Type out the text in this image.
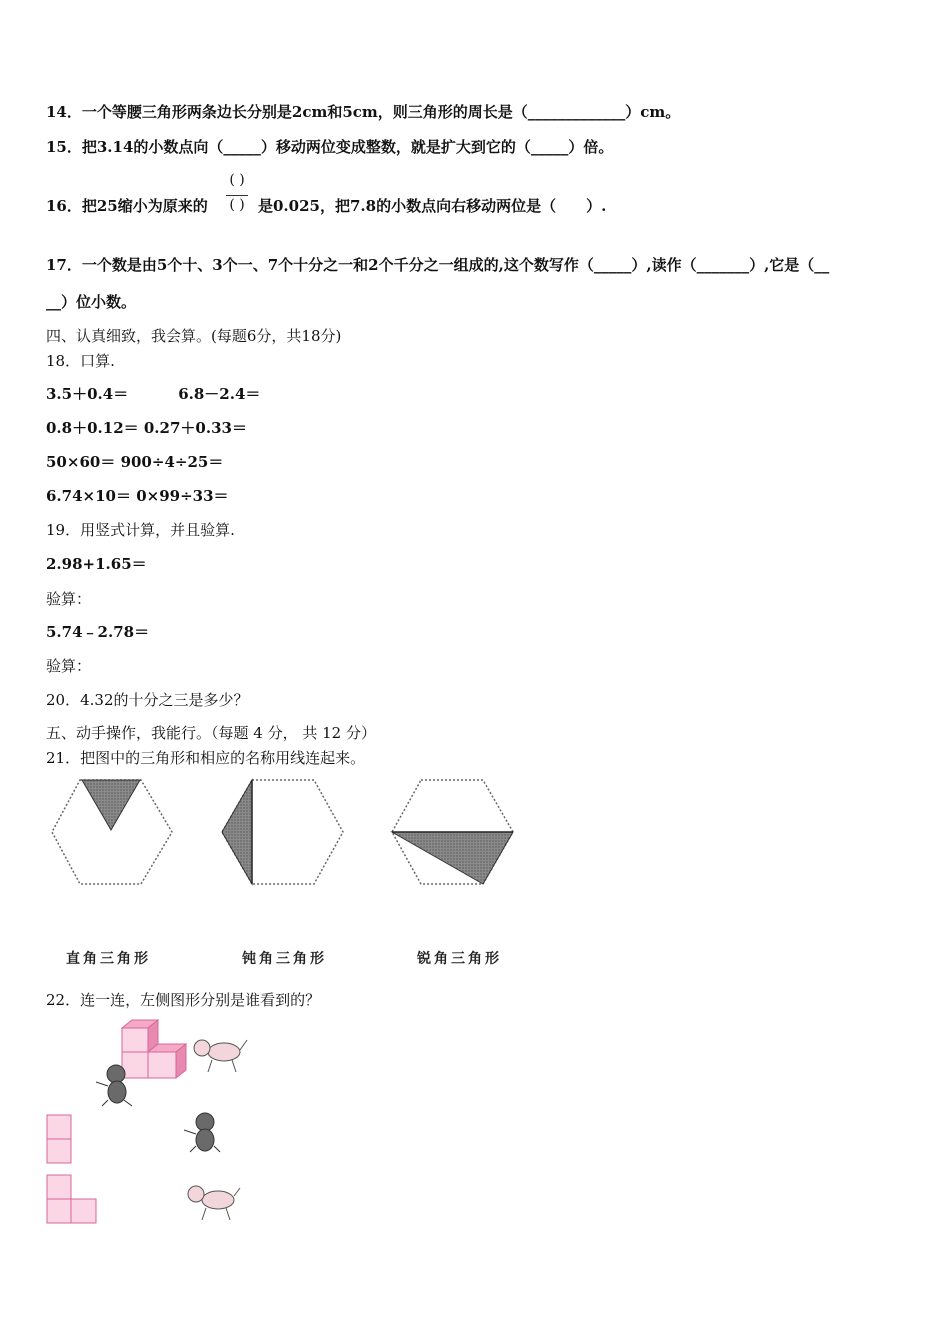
14．一个等腰三角形两条边长分别是2cm和5cm，则三角形的周长是（_____________）cm。
15．把3.14的小数点向（_____）移动两位变成整数，就是扩大到它的（_____）倍。
16．把25缩小为原来的
( )
( ) 是0.025，把7.8的小数点向右移动两位是（　　）.
17．一个数是由5个十、3个一、7个十分之一和2个千分之一组成的,这个数写作（_____）,读作（_______）,它是（__
__）位小数。
四、认真细致，我会算。(每题6分，共18分)
18．口算.
3.5＋0.4＝	6.8－2.4＝
0.8＋0.12＝ 0.27＋0.33＝
50×60＝ 900÷4÷25＝
6.74×10＝ 0×99÷33＝
19．用竖式计算，并且验算.
2.98+1.65＝
验算：
5.74﹣2.78＝
验算：
20．4.32的十分之三是多少？
五、动手操作，我能行。（每题 4 分， 共 12 分）
21．把图中的三角形和相应的名称用线连起来。
直角三角形	钝角三角形	锐角三角形
22．连一连，左侧图形分别是谁看到的？
